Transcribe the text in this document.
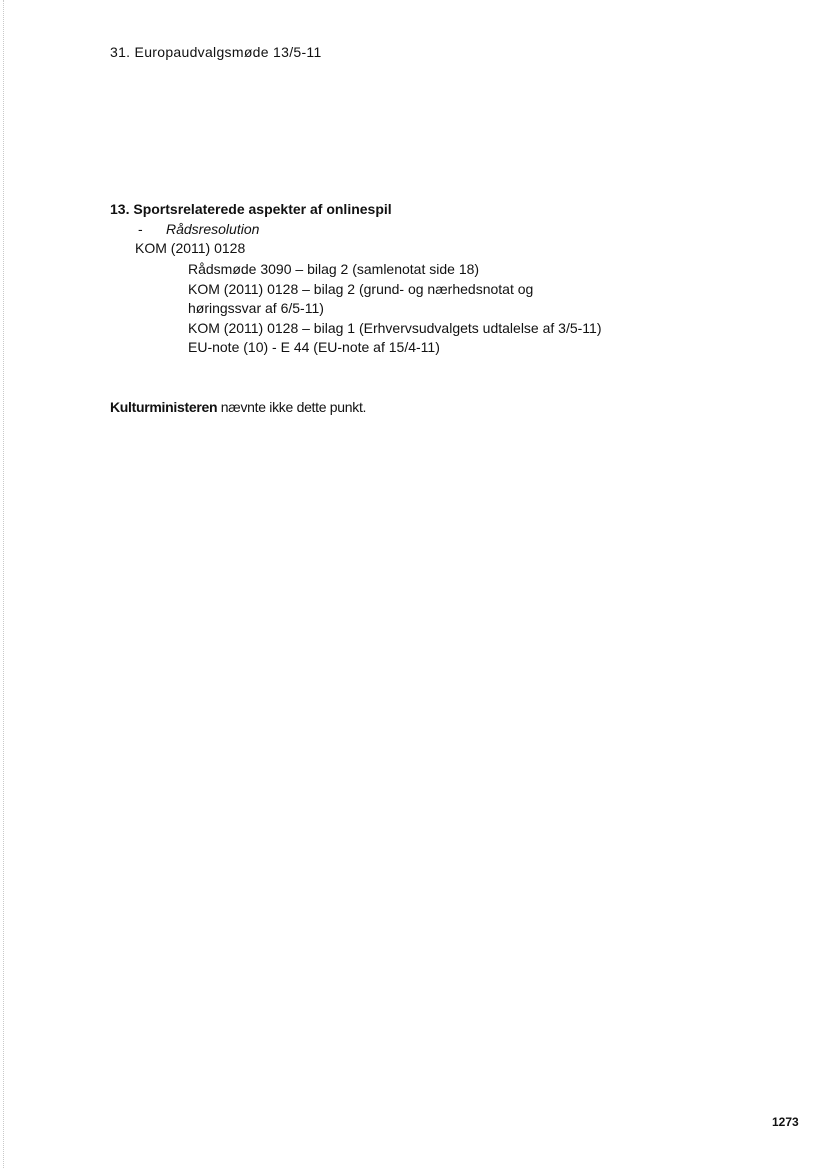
31. Europaudvalgsmøde 13/5-11
13. Sportsrelaterede aspekter af onlinespil
- Rådsresolution
KOM (2011) 0128

Rådsmøde 3090 – bilag 2 (samlenotat side 18)

KOM (2011) 0128 – bilag 2 (grund- og nærhedsnotat og høringssvar af 6/5-11)

KOM (2011) 0128 – bilag 1 (Erhvervsudvalgets udtalelse af 3/5-11)

EU-note (10) - E 44 (EU-note af 15/4-11)

Kulturministeren nævnte ikke dette punkt.
1273
